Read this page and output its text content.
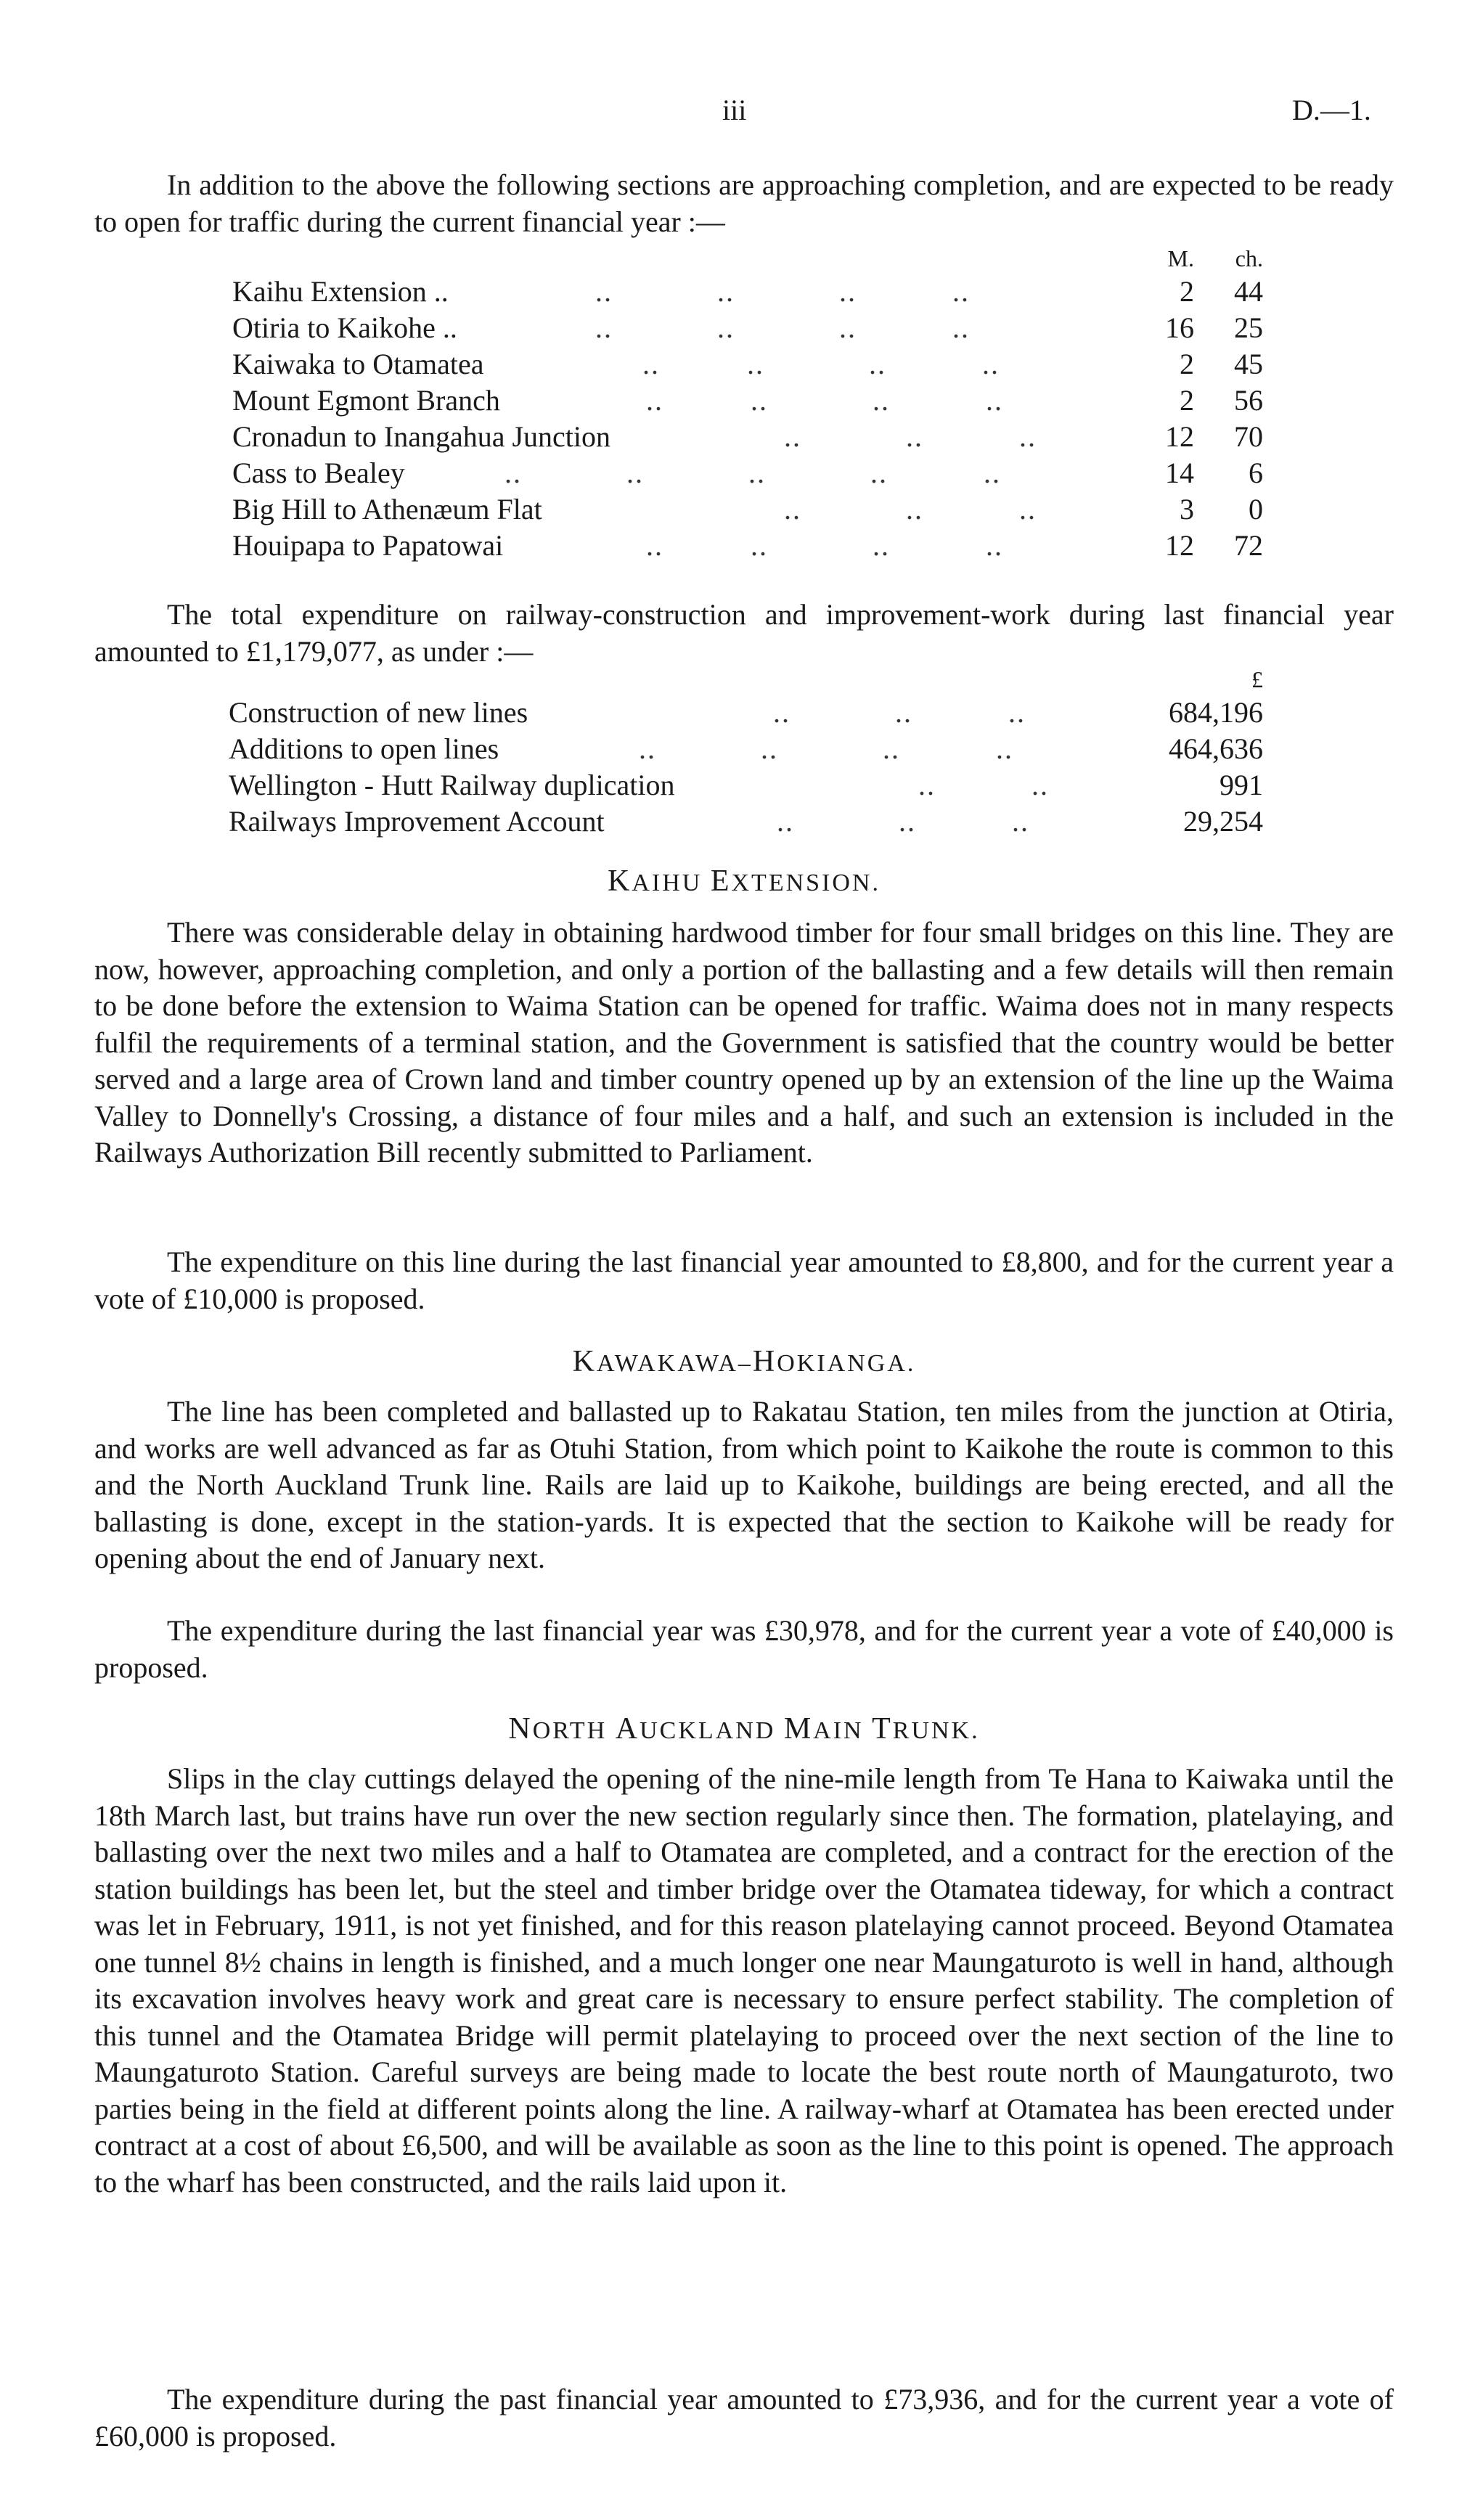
iii	D.—1.

In addition to the above the following sections are approaching completion, and are expected to be ready to open for traffic during the current financial year :—

M.	ch.
Kaihu Extension ..	..            ..            ..           ..	2	44
Otiria to Kaikohe ..	..            ..            ..           ..	16	25
Kaiwaka to Otamatea	..          ..            ..           ..	2	45
Mount Egmont Branch	..          ..            ..           ..	2	56
Cronadun to Inangahua Junction	..            ..           ..	12	70
Cass to Bealey	..            ..            ..            ..           ..	14	6
Big Hill to Athenæum Flat	..            ..           ..	3	0
Houipapa to Papatowai	..          ..            ..           ..	12	72

The total expenditure on railway-construction and improvement-work during last financial year amounted to £1,179,077, as under :—

£
Construction of new lines	..            ..           ..	684,196
Additions to open lines	..            ..            ..           ..	464,636
Wellington - Hutt Railway duplication	..           ..	991
Railways Improvement Account	..            ..           ..	29,254
KAIHU EXTENSION.

There was considerable delay in obtaining hardwood timber for four small bridges on this line. They are now, however, approaching completion, and only a portion of the ballasting and a few details will then remain to be done before the extension to Waima Station can be opened for traffic. Waima does not in many respects fulfil the requirements of a terminal station, and the Government is satisfied that the country would be better served and a large area of Crown land and timber country opened up by an extension of the line up the Waima Valley to Donnelly's Crossing, a distance of four miles and a half, and such an extension is included in the Railways Authorization Bill recently submitted to Parliament.

The expenditure on this line during the last financial year amounted to £8,800, and for the current year a vote of £10,000 is proposed.

KAWAKAWA–HOKIANGA.

The line has been completed and ballasted up to Rakatau Station, ten miles from the junction at Otiria, and works are well advanced as far as Otuhi Station, from which point to Kaikohe the route is common to this and the North Auckland Trunk line. Rails are laid up to Kaikohe, buildings are being erected, and all the ballasting is done, except in the station-yards. It is expected that the section to Kaikohe will be ready for opening about the end of January next.

The expenditure during the last financial year was £30,978, and for the current year a vote of £40,000 is proposed.

NORTH AUCKLAND MAIN TRUNK.

Slips in the clay cuttings delayed the opening of the nine-mile length from Te Hana to Kaiwaka until the 18th March last, but trains have run over the new section regularly since then. The formation, platelaying, and ballasting over the next two miles and a half to Otamatea are completed, and a contract for the erection of the station buildings has been let, but the steel and timber bridge over the Otamatea tideway, for which a contract was let in February, 1911, is not yet finished, and for this reason platelaying cannot proceed. Beyond Otamatea one tunnel 8½ chains in length is finished, and a much longer one near Maungaturoto is well in hand, although its excavation involves heavy work and great care is necessary to ensure perfect stability. The completion of this tunnel and the Otamatea Bridge will permit platelaying to proceed over the next section of the line to Maungaturoto Station. Careful surveys are being made to locate the best route north of Maungaturoto, two parties being in the field at different points along the line. A railway-wharf at Otamatea has been erected under contract at a cost of about £6,500, and will be available as soon as the line to this point is opened. The approach to the wharf has been constructed, and the rails laid upon it.

The expenditure during the past financial year amounted to £73,936, and for the current year a vote of £60,000 is proposed.
